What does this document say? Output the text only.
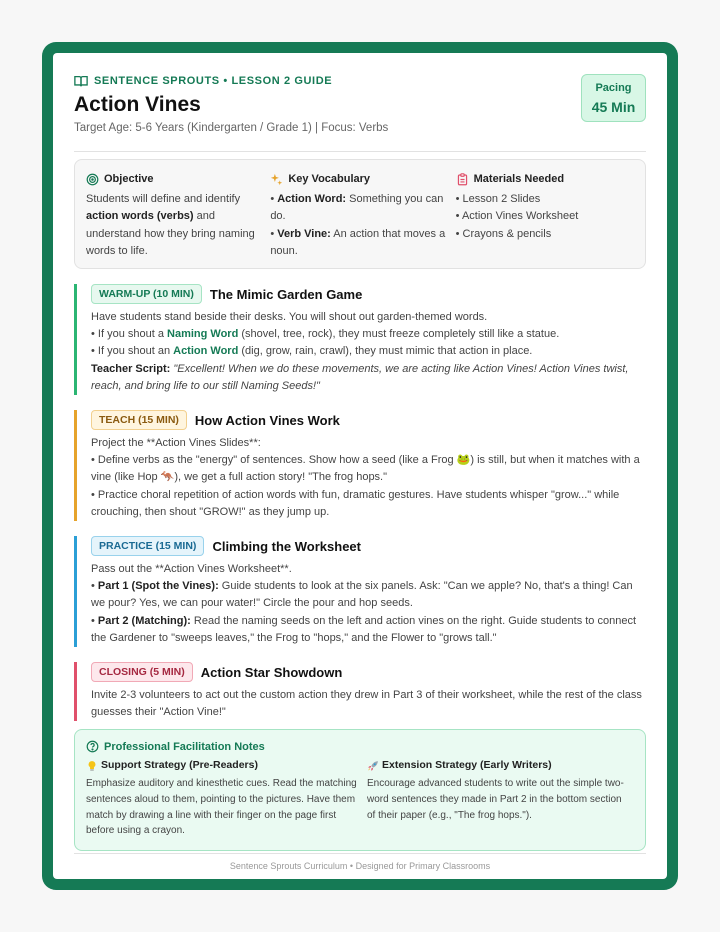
SENTENCE SPROUTS • LESSON 2 GUIDE
Action Vines
Target Age: 5-6 Years (Kindergarten / Grade 1) | Focus: Verbs
Pacing
45 Min
Objective
Students will define and identify action words (verbs) and understand how they bring naming words to life.
Key Vocabulary
• Action Word: Something you can do.
• Verb Vine: An action that moves a noun.
Materials Needed
• Lesson 2 Slides
• Action Vines Worksheet
• Crayons & pencils
WARM-UP (10 MIN)	The Mimic Garden Game
Have students stand beside their desks. You will shout out garden-themed words.
• If you shout a Naming Word (shovel, tree, rock), they must freeze completely still like a statue.
• If you shout an Action Word (dig, grow, rain, crawl), they must mimic that action in place.
Teacher Script: "Excellent! When we do these movements, we are acting like Action Vines! Action Vines twist, reach, and bring life to our still Naming Seeds!"
TEACH (15 MIN)	How Action Vines Work
Project the **Action Vines Slides**:
• Define verbs as the "energy" of sentences. Show how a seed (like a Frog 🐸) is still, but when it matches with a vine (like Hop 🦘), we get a full action story! "The frog hops."
• Practice choral repetition of action words with fun, dramatic gestures. Have students whisper "grow..." while crouching, then shout "GROW!" as they jump up.
PRACTICE (15 MIN)	Climbing the Worksheet
Pass out the **Action Vines Worksheet**.
• Part 1 (Spot the Vines): Guide students to look at the six panels. Ask: "Can we apple? No, that's a thing! Can we pour? Yes, we can pour water!" Circle the pour and hop seeds.
• Part 2 (Matching): Read the naming seeds on the left and action vines on the right. Guide students to connect the Gardener to "sweeps leaves," the Frog to "hops," and the Flower to "grows tall."
CLOSING (5 MIN)	Action Star Showdown
Invite 2-3 volunteers to act out the custom action they drew in Part 3 of their worksheet, while the rest of the class guesses their "Action Vine!"
Professional Facilitation Notes
Support Strategy (Pre-Readers)
Emphasize auditory and kinesthetic cues. Read the matching sentences aloud to them, pointing to the pictures. Have them match by drawing a line with their finger on the page first before using a crayon.
Extension Strategy (Early Writers)
Encourage advanced students to write out the simple two-word sentences they made in Part 2 in the bottom section of their paper (e.g., "The frog hops.").
Sentence Sprouts Curriculum • Designed for Primary Classrooms
